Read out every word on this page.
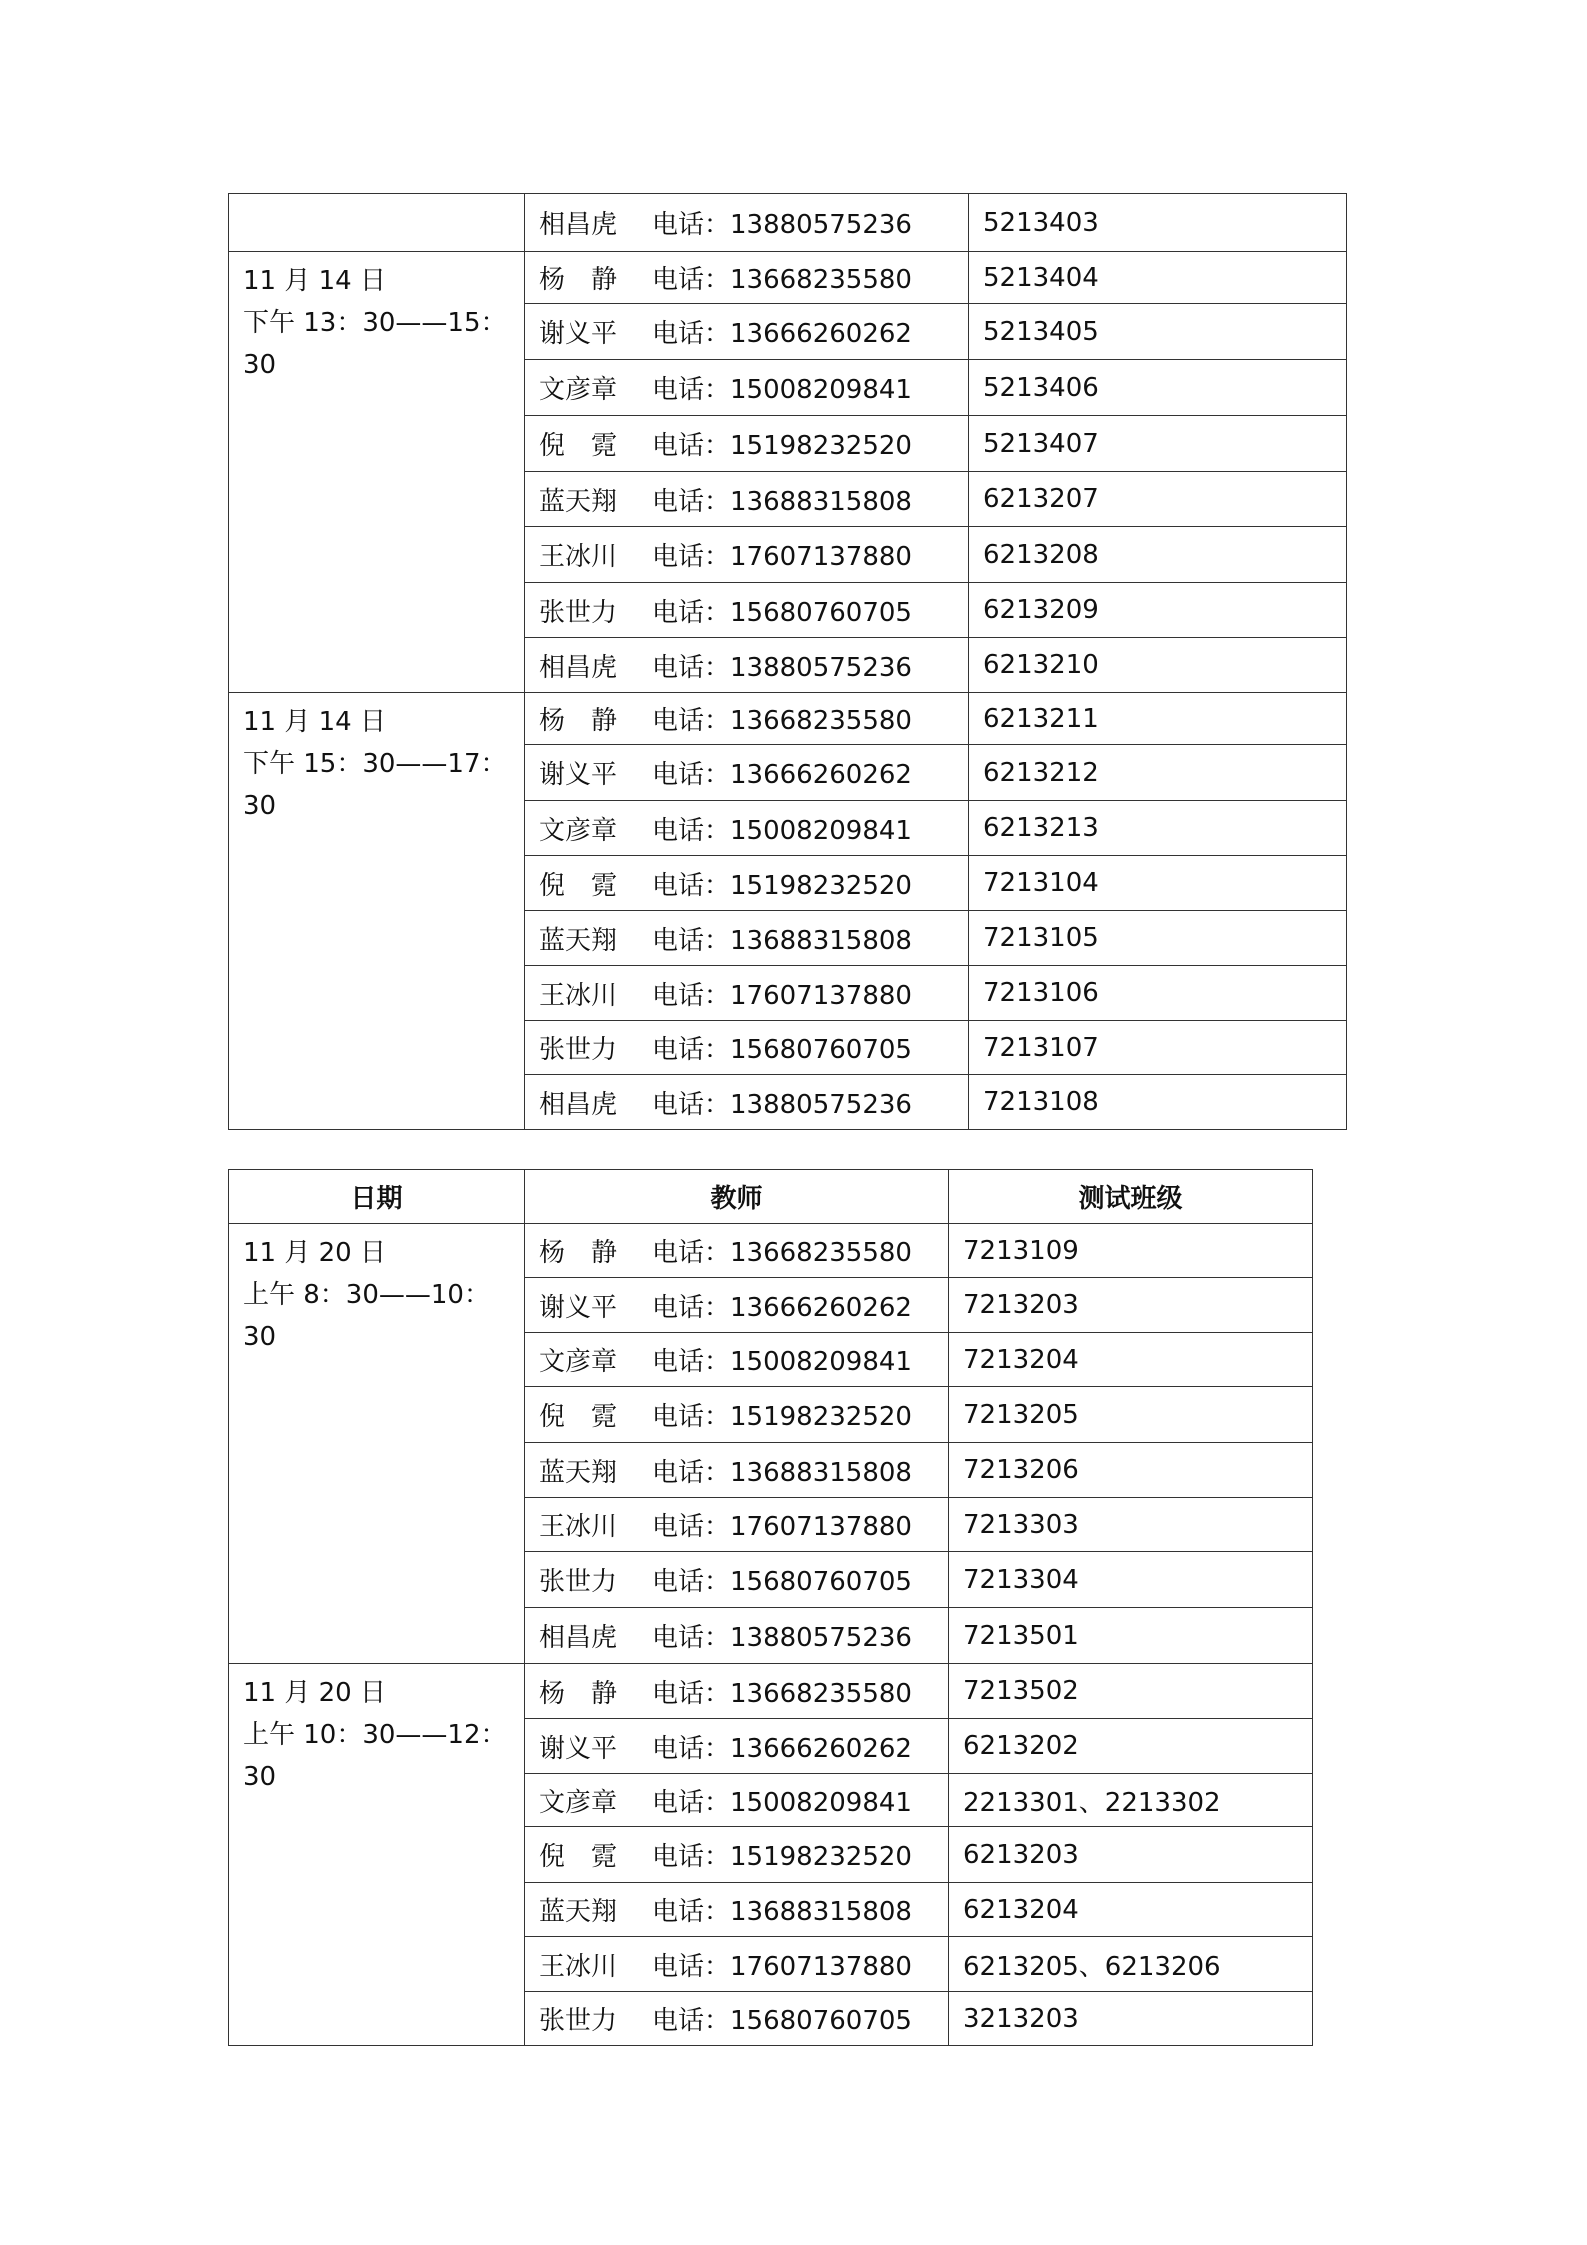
	相昌虎 电话：13880575236	5213403

11 月 14 日
下午 13：30——15：30	杨　静 电话：13668235580	5213404
	谢义平 电话：13666260262	5213405
	文彦章 电话：15008209841	5213406
	倪　霓 电话：15198232520	5213407
	蓝天翔 电话：13688315808	6213207
	王冰川 电话：17607137880	6213208
	张世力 电话：15680760705	6213209
	相昌虎 电话：13880575236	6213210

11 月 14 日
下午 15：30——17：30	杨　静 电话：13668235580	6213211
	谢义平 电话：13666260262	6213212
	文彦章 电话：15008209841	6213213
	倪　霓 电话：15198232520	7213104
	蓝天翔 电话：13688315808	7213105
	王冰川 电话：17607137880	7213106
	张世力 电话：15680760705	7213107
	相昌虎 电话：13880575236	7213108
日期	教师	测试班级

11 月 20 日
上午 8：30——10：30	杨　静 电话：13668235580	7213109
	谢义平 电话：13666260262	7213203
	文彦章 电话：15008209841	7213204
	倪　霓 电话：15198232520	7213205
	蓝天翔 电话：13688315808	7213206
	王冰川 电话：17607137880	7213303
	张世力 电话：15680760705	7213304
	相昌虎 电话：13880575236	7213501

11 月 20 日
上午 10：30——12：30	杨　静 电话：13668235580	7213502
	谢义平 电话：13666260262	6213202
	文彦章 电话：15008209841	2213301、2213302
	倪　霓 电话：15198232520	6213203
	蓝天翔 电话：13688315808	6213204
	王冰川 电话：17607137880	6213205、6213206
	张世力 电话：15680760705	3213203
